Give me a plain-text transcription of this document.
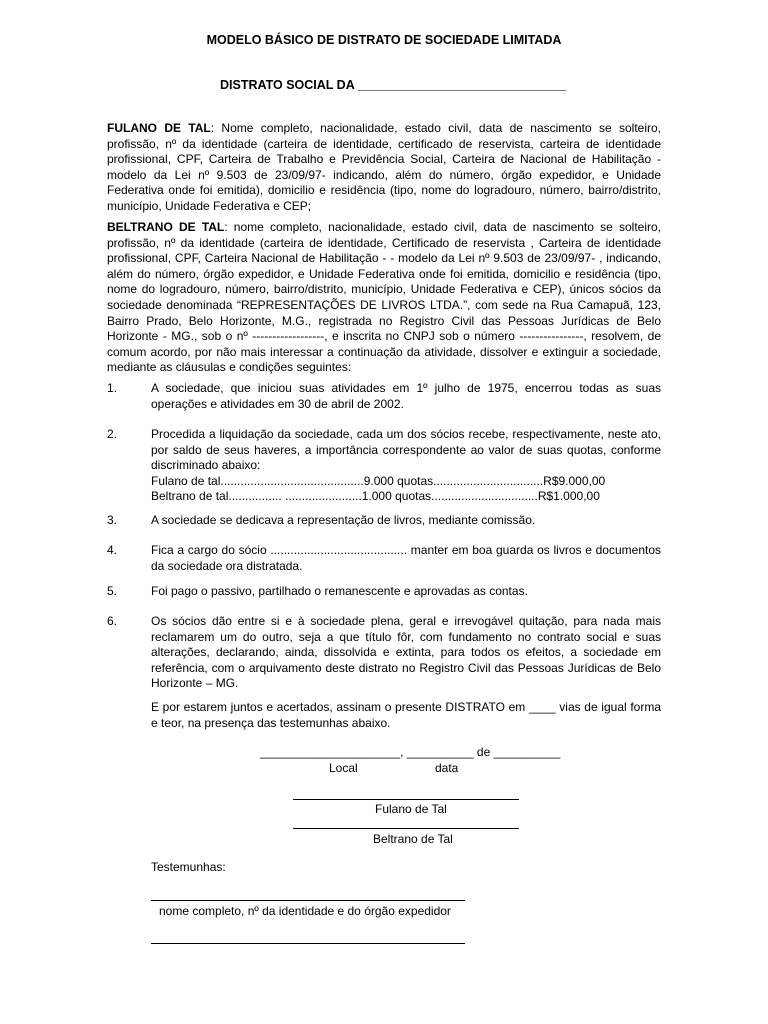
MODELO BÁSICO DE DISTRATO DE SOCIEDADE LIMITADA
DISTRATO SOCIAL DA ______________________________
FULANO DE TAL: Nome completo, nacionalidade, estado civil, data de nascimento se solteiro, profissão, nº da identidade (carteira de identidade, certificado de reservista, carteira de identidade profissional, CPF, Carteira de Trabalho e Previdência Social, Carteira de Nacional de Habilitação - modelo da Lei nº 9.503 de 23/09/97- indicando, além do número, órgão expedidor, e Unidade Federativa onde foi emitida), domicilio e residência (tipo, nome do logradouro, número, bairro/distrito, município, Unidade Federativa e CEP;
BELTRANO DE TAL: nome completo, nacionalidade, estado civil, data de nascimento se solteiro, profissão, nº da identidade (carteira de identidade, Certificado de reservista , Carteira de identidade profissional, CPF, Carteira Nacional de Habilitação - - modelo da Lei nº 9.503 de 23/09/97- , indicando, além do número, órgão expedidor, e Unidade Federativa onde foi emitida, domicilio e residência (tipo, nome do logradouro, número, bairro/distrito, município, Unidade Federativa e CEP), únicos sócios da sociedade denominada “REPRESENTAÇÕES DE LIVROS LTDA.”, com sede na Rua Camapuã, 123, Bairro Prado, Belo Horizonte, M.G., registrada no Registro Civil das Pessoas Jurídicas de Belo Horizonte - MG., sob o nº ------------------, e inscrita no CNPJ sob o número ----------------, resolvem, de comum acordo, por não mais interessar a continuação da atividade, dissolver e extinguir a sociedade, mediante as cláusulas e condições seguintes:
1.	A sociedade, que iniciou suas atividades em 1º julho de 1975, encerrou todas as suas operações e atividades em 30 de abril de 2002.
2.	Procedida a liquidação da sociedade, cada um dos sócios recebe, respectivamente, neste ato, por saldo de seus haveres, a importância correspondente ao valor de suas quotas, conforme discriminado abaixo:
Fulano de tal...........................................9.000 quotas.................................R$9.000,00
Beltrano de tal................ .......................1.000 quotas................................R$1.000,00
3.	A sociedade se dedicava a representação de livros, mediante comissão.
4.	Fica a cargo do sócio ......................................... manter em boa guarda os livros e documentos da sociedade ora distratada.
5.	Foi pago o passivo, partilhado o remanescente e aprovadas as contas.
6.	Os sócios dão entre si e à sociedade plena, geral e irrevogável quitação, para nada mais reclamarem um do outro, seja a que título fôr, com fundamento no contrato social e suas alterações, declarando, ainda, dissolvida e extinta, para todos os efeitos, a sociedade em referência, com o arquivamento deste distrato no Registro Civil das Pessoas Jurídicas de Belo Horizonte – MG.
E por estarem juntos e acertados, assinam o presente DISTRATO em ____ vias de igual forma e teor, na presença das testemunhas abaixo.
_____________________, __________ de __________
Local	data
Fulano de Tal
Beltrano de Tal
Testemunhas:
nome completo, nº da identidade e do órgão expedidor
